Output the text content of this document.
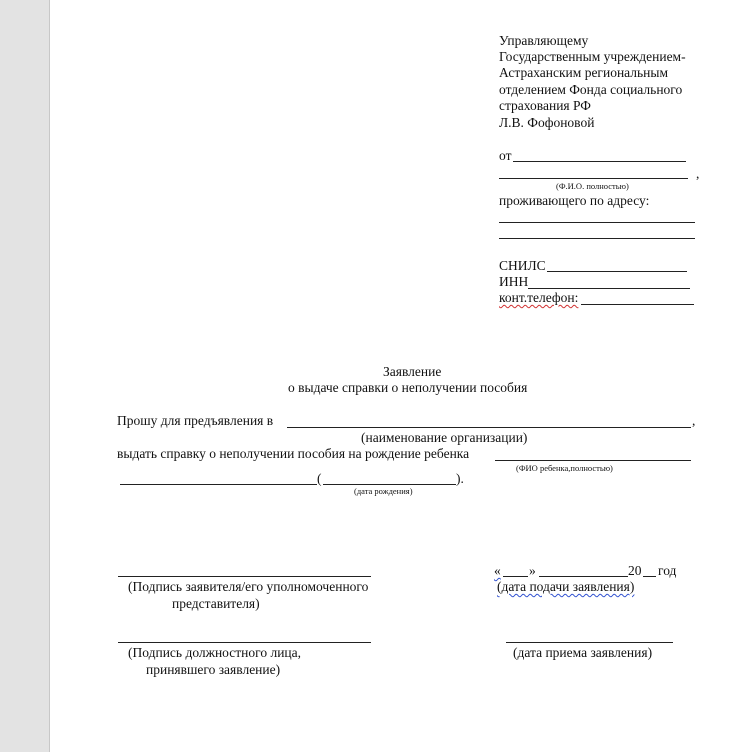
Управляющему
Государственным учреждением-
Астраханским региональным
отделением Фонда социального
страхования РФ
Л.В. Фофоновой
от
,
(Ф.И.О. полностью)
проживающего по адресу:
СНИЛС
ИНН
конт.телефон:
Заявление
о выдаче справки о неполучении пособия
Прошу для предъявления в	,
(наименование организации)
выдать справку о неполучении пособия на рождение ребенка
(ФИО ребенка,полностью)
(	).
(дата рождения)
(Подпись заявителя/его уполномоченного
представителя)
« »	20 год
(дата подачи заявления)
(Подпись должностного лица,
принявшего заявление)
(дата приема заявления)
